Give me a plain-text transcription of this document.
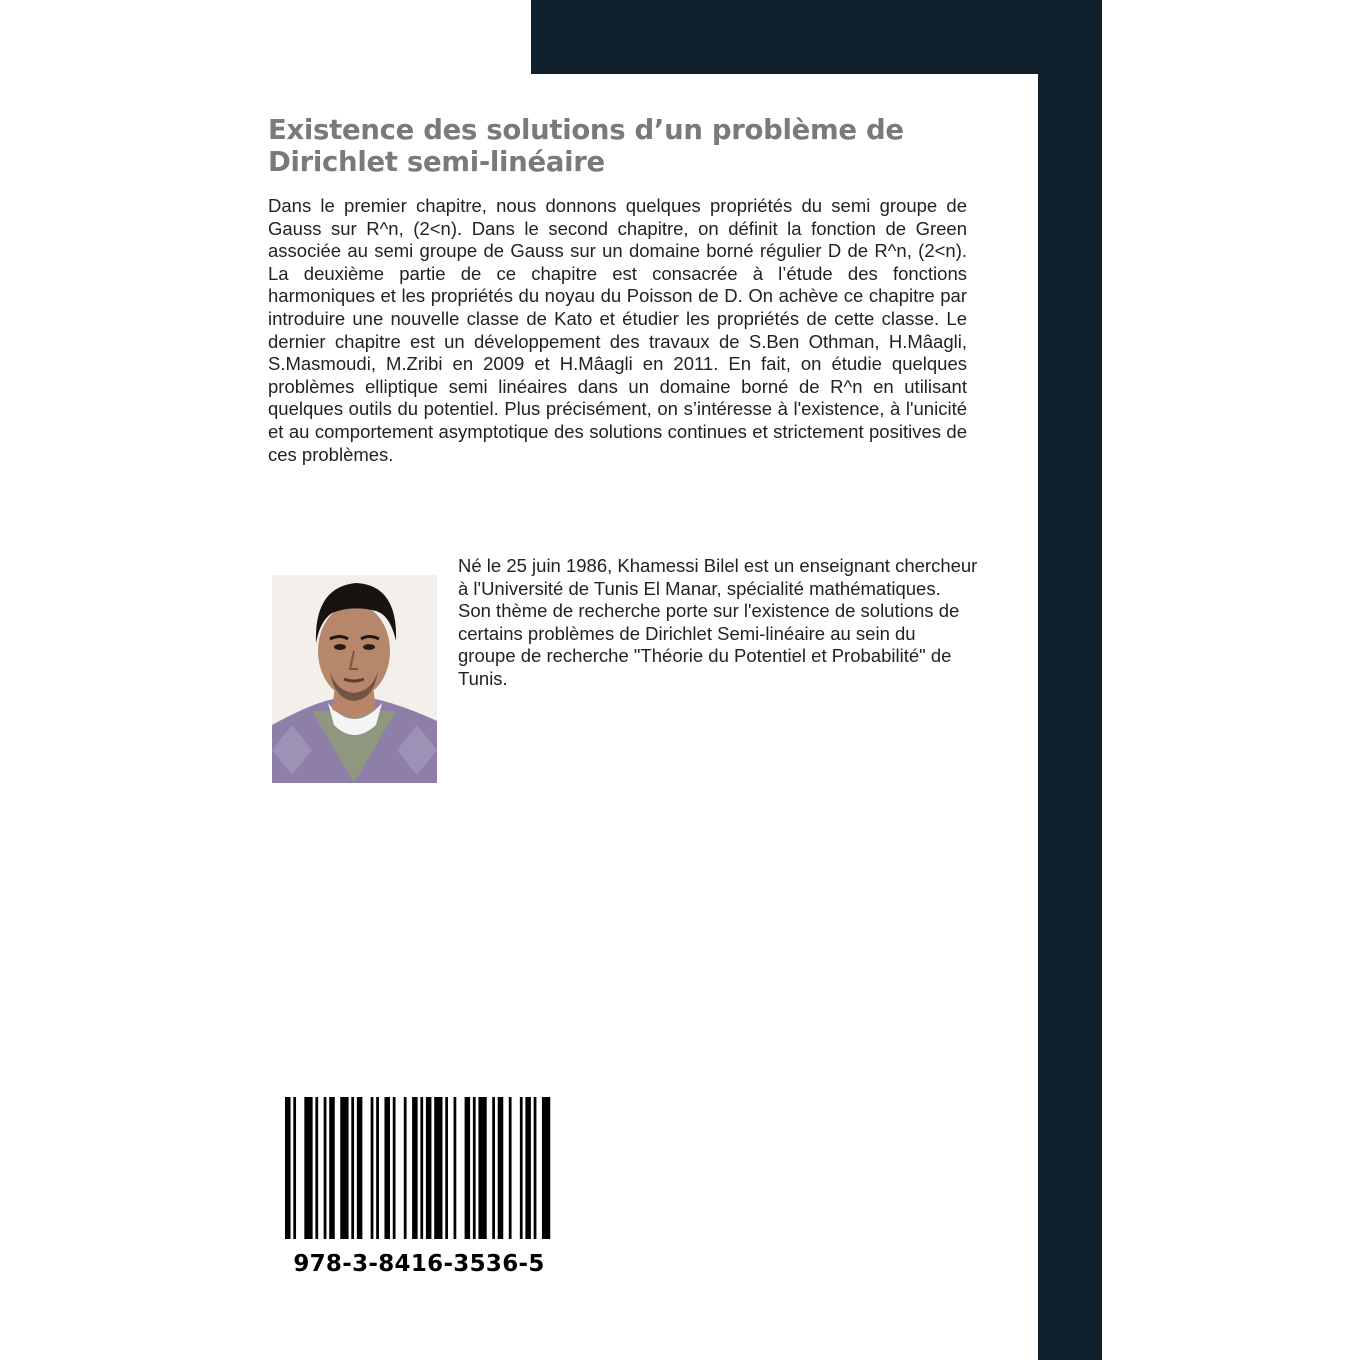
Existence des solutions d’un problème de Dirichlet semi-linéaire

Dans le premier chapitre, nous donnons quelques propriétés du semi groupe de Gauss sur R^n, (2<n). Dans le second chapitre, on définit la fonction de Green associée au semi groupe de Gauss sur un domaine borné régulier D de R^n, (2<n). La deuxième partie de ce chapitre est consacrée à l’étude des fonctions harmoniques et les propriétés du noyau du Poisson de D. On achève ce chapitre par introduire une nouvelle classe de Kato et étudier les propriétés de cette classe. Le dernier chapitre est un développement des travaux de S.Ben Othman, H.Mâagli, S.Masmoudi, M.Zribi en 2009 et H.Mâagli en 2011. En fait, on étudie quelques problèmes elliptique semi linéaires dans un domaine borné de R^n en utilisant quelques outils du potentiel. Plus précisément, on s’intéresse à l'existence, à l'unicité et au comportement asymptotique des solutions continues et strictement positives de ces problèmes.

Né le 25 juin 1986, Khamessi Bilel est un enseignant chercheur à l'Université de Tunis El Manar, spécialité mathématiques. Son thème de recherche porte sur l'existence de solutions de certains problèmes de Dirichlet Semi-linéaire au sein du groupe de recherche "Théorie du Potentiel et Probabilité" de Tunis.

978-3-8416-3536-5
